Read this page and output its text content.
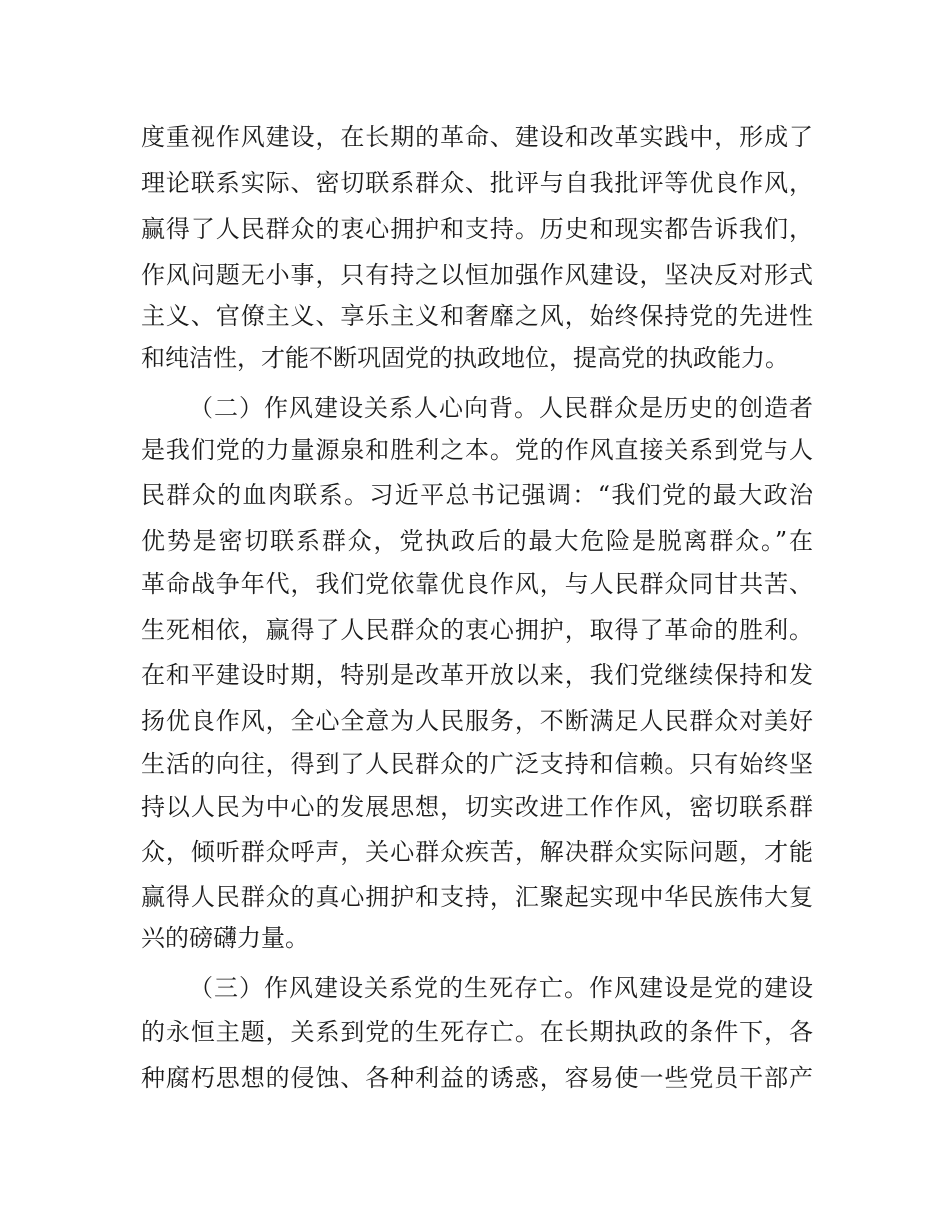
度重视作风建设，在长期的革命、建设和改革实践中，形成了
理论联系实际、密切联系群众、批评与自我批评等优良作风，
赢得了人民群众的衷心拥护和支持。历史和现实都告诉我们，
作风问题无小事，只有持之以恒加强作风建设，坚决反对形式
主义、官僚主义、享乐主义和奢靡之风，始终保持党的先进性
和纯洁性，才能不断巩固党的执政地位，提高党的执政能力。
（二）作风建设关系人心向背。人民群众是历史的创造者
是我们党的力量源泉和胜利之本。党的作风直接关系到党与人
民群众的血肉联系。习近平总书记强调：“我们党的最大政治
优势是密切联系群众，党执政后的最大危险是脱离群众。”在
革命战争年代，我们党依靠优良作风，与人民群众同甘共苦、
生死相依，赢得了人民群众的衷心拥护，取得了革命的胜利。
在和平建设时期，特别是改革开放以来，我们党继续保持和发
扬优良作风，全心全意为人民服务，不断满足人民群众对美好
生活的向往，得到了人民群众的广泛支持和信赖。只有始终坚
持以人民为中心的发展思想，切实改进工作作风，密切联系群
众，倾听群众呼声，关心群众疾苦，解决群众实际问题，才能
赢得人民群众的真心拥护和支持，汇聚起实现中华民族伟大复
兴的磅礴力量。
（三）作风建设关系党的生死存亡。作风建设是党的建设
的永恒主题，关系到党的生死存亡。在长期执政的条件下，各
种腐朽思想的侵蚀、各种利益的诱惑，容易使一些党员干部产
